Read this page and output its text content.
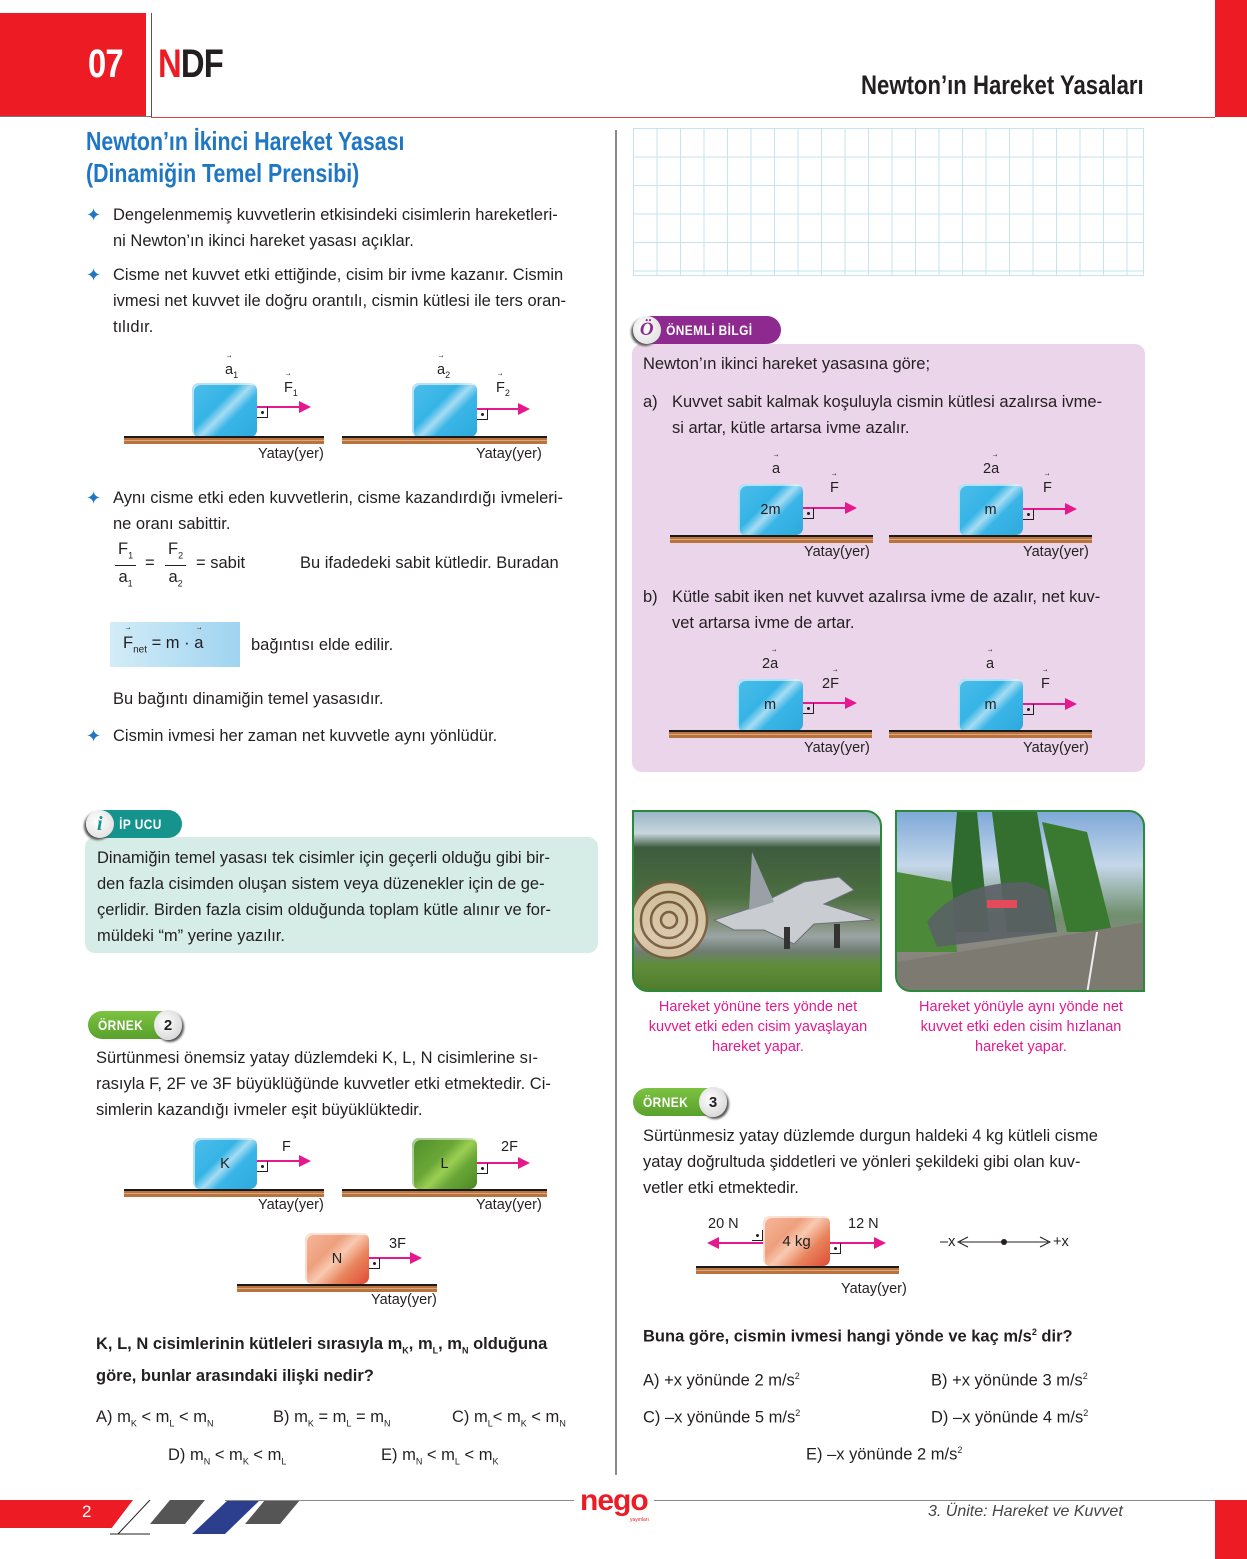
07 NDF	Newton’ın Hareket Yasaları
Newton’ın İkinci Hareket Yasası
(Dinamiğin Temel Prensibi)
✦ Dengelenmemiş kuvvetlerin etkisindeki cisimlerin hareketleri-
ni Newton’ın ikinci hareket yasası açıklar.
✦ Cisme net kuvvet etki ettiğinde, cisim bir ivme kazanır. Cismin
ivmesi net kuvvet ile doğru orantılı, cismin kütlesi ile ters oran-
tılıdır.
→ $a_1$
→ $F_1$
Yatay(yer)
→ $a_2$
→ $F_2$
Yatay(yer)
✦ Aynı cisme etki eden kuvvetlerin, cisme kazandırdığı ivmeleri-
ne oranı sabittir.
$\frac{F_1}{a_1} = \frac{F_2}{a_2}$ = sabit	Bu ifadedeki sabit kütledir. Buradan
→ $F_{net} = m$ · → a	bağıntısı elde edilir.
Bu bağıntı dinamiğin temel yasasıdır.
✦ Cismin ivmesi her zaman net kuvvetle aynı yönlüdür.
Dinamiğin temel yasası tek cisimler için geçerli olduğu gibi bir-
den fazla cisimden oluşan sistem veya düzenekler için de ge-
çerlidir. Birden fazla cisim olduğunda toplam kütle alınır ve for-
müldeki “m” yerine yazılır.
i	İP UCU
ÖRNEK	2
Sürtünmesi önemsiz yatay düzlemdeki K, L, N cisimlerine sı-
rasıyla F, 2F ve 3F büyüklüğünde kuvvetler etki etmektedir. Ci-
simlerin kazandığı ivmeler eşit büyüklüktedir.
K
F
Yatay(yer)
L
2F
Yatay(yer)
N
3F
Yatay(yer)
K, L, N cisimlerinin kütleleri sırasıyla $m_K$, $m_L$, $m_N$ olduğuna
göre, bunlar arasındaki ilişki nedir?
A) $m_K < m_L < m_N$	B) $m_K = m_L = m_N$	C) $m_L< m_K < m_N$
D) $m_N < m_K < m_L$	E) $m_N < m_L < m_K$
Ö ÖNEMLİ BİLGİ
Newton’ın ikinci hareket yasasına göre;
a) Kuvvet sabit kalmak koşuluyla cismin kütlesi azalırsa ivme-
si artar, kütle artarsa ivme azalır.
2m
→ a
→ F
Yatay(yer)
m
2→ a
→ F
Yatay(yer)
b) Kütle sabit iken net kuvvet azalırsa ivme de azalır, net kuv-
vet artarsa ivme de artar.
m
2→ a
2→ F
Yatay(yer)
m
→ a
→ F
Yatay(yer)
Hareket yönüne ters yönde net
kuvvet etki eden cisim yavaşlayan
hareket yapar.
Hareket yönüyle aynı yönde net
kuvvet etki eden cisim hızlanan
hareket yapar.
ÖRNEK	3
Sürtünmesiz yatay düzlemde durgun haldeki 4 kg kütleli cisme
yatay doğrultuda şiddetleri ve yönleri şekildeki gibi olan kuv-
vetler etki etmektedir.
4 kg
20 N	12 N
Yatay(yer)
–x	+x
Buna göre, cismin ivmesi hangi yönde ve kaç $m/s^2$ dir?
A) +x yönünde 2 $m/s^2$	B) +x yönünde 3 $m/s^2$
C) –x yönünde 5 $m/s^2$	D) –x yönünde 4 $m/s^2$
E) –x yönünde 2 $m/s^2$
2	nego
yayınları	3. Ünite: Hareket ve Kuvvet
